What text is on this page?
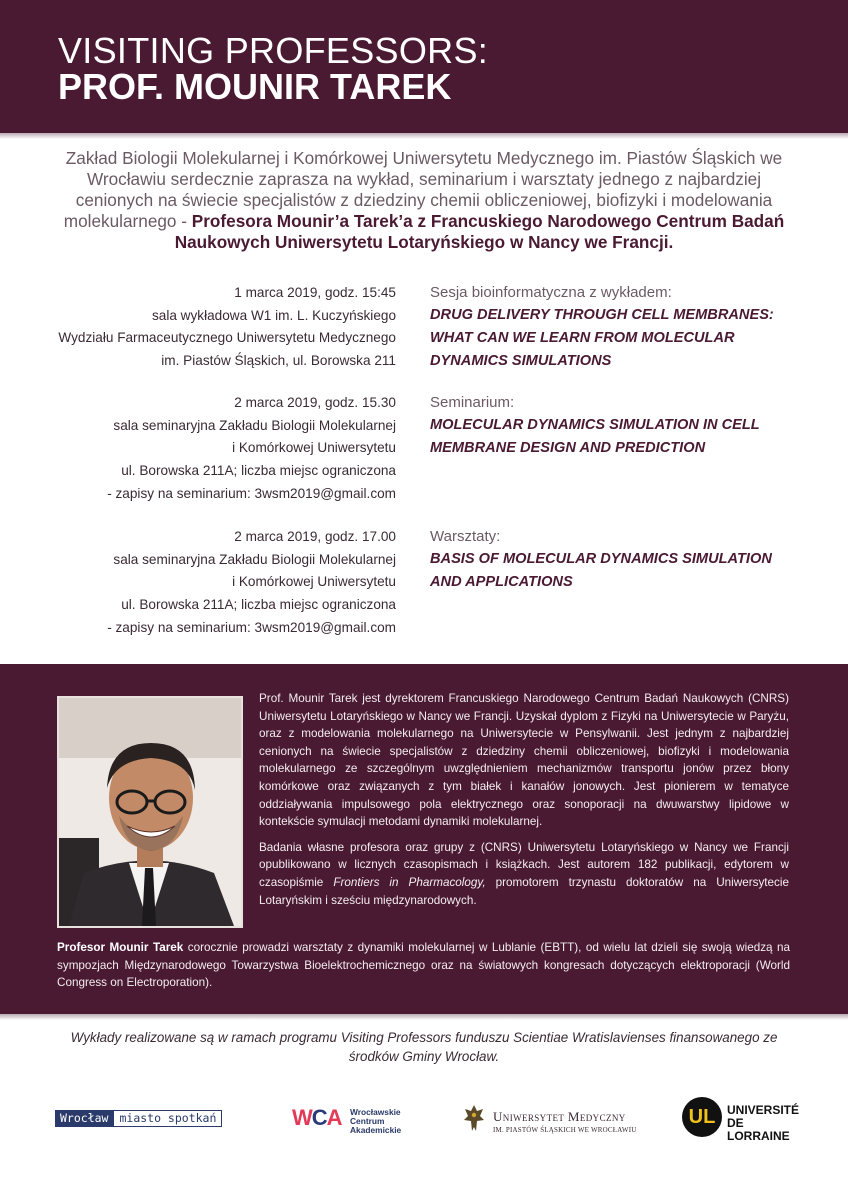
VISITING PROFESSORS:
PROF. MOUNIR TAREK
Zakład Biologii Molekularnej i Komórkowej Uniwersytetu Medycznego im. Piastów Śląskich we Wrocławiu serdecznie zaprasza na wykład, seminarium i warsztaty jednego z najbardziej cenionych na świecie specjalistów z dziedziny chemii obliczeniowej, biofizyki i modelowania molekularnego - Profesora Mounir’a Tarek’a z Francuskiego Narodowego Centrum Badań Naukowych Uniwersytetu Lotaryńskiego w Nancy we Francji.
1 marca 2019, godz. 15:45
sala wykładowa W1 im. L. Kuczyńskiego
Wydziału Farmaceutycznego Uniwersytetu Medycznego
im. Piastów Śląskich, ul. Borowska 211
Sesja bioinformatyczna z wykładem:
DRUG DELIVERY THROUGH CELL MEMBRANES:
WHAT CAN WE LEARN FROM MOLECULAR
DYNAMICS SIMULATIONS
2 marca 2019, godz. 15.30
sala seminaryjna Zakładu Biologii Molekularnej
i Komórkowej Uniwersytetu
ul. Borowska 211A; liczba miejsc ograniczona
- zapisy na seminarium: 3wsm2019@gmail.com
Seminarium:
MOLECULAR DYNAMICS SIMULATION IN CELL
MEMBRANE DESIGN AND PREDICTION
2 marca 2019, godz. 17.00
sala seminaryjna Zakładu Biologii Molekularnej
i Komórkowej Uniwersytetu
ul. Borowska 211A; liczba miejsc ograniczona
- zapisy na seminarium: 3wsm2019@gmail.com
Warsztaty:
BASIS OF MOLECULAR DYNAMICS SIMULATION
AND APPLICATIONS

Prof. Mounir Tarek jest dyrektorem Francuskiego Narodowego Centrum Badań Naukowych (CNRS) Uniwersytetu Lotaryńskiego w Nancy we Francji. Uzyskał dyplom z Fizyki na Uniwersytecie w Paryżu, oraz z modelowania molekularnego na Uniwersytecie w Pensylwanii. Jest jednym z najbardziej cenionych na świecie specjalistów z dziedziny chemii obliczeniowej, biofizyki i modelowania molekularnego ze szczególnym uwzględnieniem mechanizmów transportu jonów przez błony komórkowe oraz związanych z tym białek i kanałów jonowych. Jest pionierem w tematyce oddziaływania impulsowego pola elektrycznego oraz sonoporacji na dwuwarstwy lipidowe w kontekście symulacji metodami dynamiki molekularnej.

Badania własne profesora oraz grupy z (CNRS) Uniwersytetu Lotaryńskiego w Nancy we Francji opublikowano w licznych czasopismach i książkach. Jest autorem 182 publikacji, edytorem w czasopiśmie Frontiers in Pharmacology, promotorem trzynastu doktoratów na Uniwersytecie Lotaryńskim i sześciu międzynarodowych.

Profesor Mounir Tarek corocznie prowadzi warsztaty z dynamiki molekularnej w Lublanie (EBTT), od wielu lat dzieli się swoją wiedzą na sympozjach Międzynarodowego Towarzystwa Bioelektrochemicznego oraz na światowych kongresach dotyczących elektroporacji (World Congress on Electroporation).
Wykłady realizowane są w ramach programu Visiting Professors funduszu Scientiae Wratislavienses finansowanego ze środków Gminy Wrocław.
Wrocław miasto spotkań	WCA Wrocławskie
Centrum
Akademickie
Uniwersytet Medyczny
IM. PIASTÓW ŚLĄSKICH WE WROCŁAWIU
UL UNIVERSITÉ
DE LORRAINE
